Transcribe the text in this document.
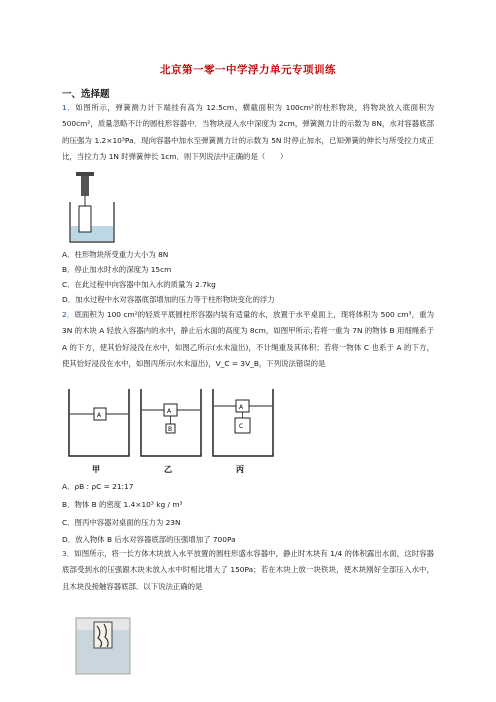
北京第一零一中学浮力单元专项训练
一、选择题
1．如图所示，弹簧测力计下端挂有高为 12.5cm、横截面积为 100cm²的柱形物块，将物块放入底面积为 500cm²，质量忽略不计的圆柱形容器中．当物块浸入水中深度为 2cm，弹簧测力计的示数为 8N，水对容器底部的压强为 1.2×10³Pa．现向容器中加水至弹簧测力计的示数为 5N 时停止加水，已知弹簧的伸长与所受拉力成正比，当拉力为 1N 时弹簧伸长 1cm．则下列说法中正确的是（　　）
A．柱形物块所受重力大小为 8N
B．停止加水时水的深度为 15cm
C．在此过程中向容器中加入水的质量为 2.7kg
D．加水过程中水对容器底部增加的压力等于柱形物块变化的浮力
2．底面积为 100 cm²的轻质平底圆柱形容器内装有适量的水，放置于水平桌面上，现将体积为 500 cm³，重为 3N 的木块 A 轻放入容器内的水中，静止后水面的高度为 8cm，如图甲所示;若将一重为 7N 的物体 B 用细绳系于 A 的下方，使其恰好浸没在水中，如图乙所示(水未溢出)，不计绳重及其体积；若将一物体 C 也系于 A 的下方，使其恰好浸没在水中，如图丙所示(水未溢出)，V_C = 3V_B，下列说法错误的是
A
A
B
A
C
甲	乙	丙
A．ρB : ρC = 21:17
B．物体 B 的密度 1.4×10³ kg / m³
C．图丙中容器对桌面的压力为 23N
D．放入物体 B 后水对容器底部的压强增加了 700Pa
3．如图所示，将一长方体木块放入水平放置的圆柱形盛水容器中，静止时木块有 1/4 的体积露出水面，这时容器底部受到水的压强跟木块未放入水中时相比增大了 150Pa；若在木块上放一块铁块，使木块刚好全部压入水中，且木块没接触容器底部．以下说法正确的是
